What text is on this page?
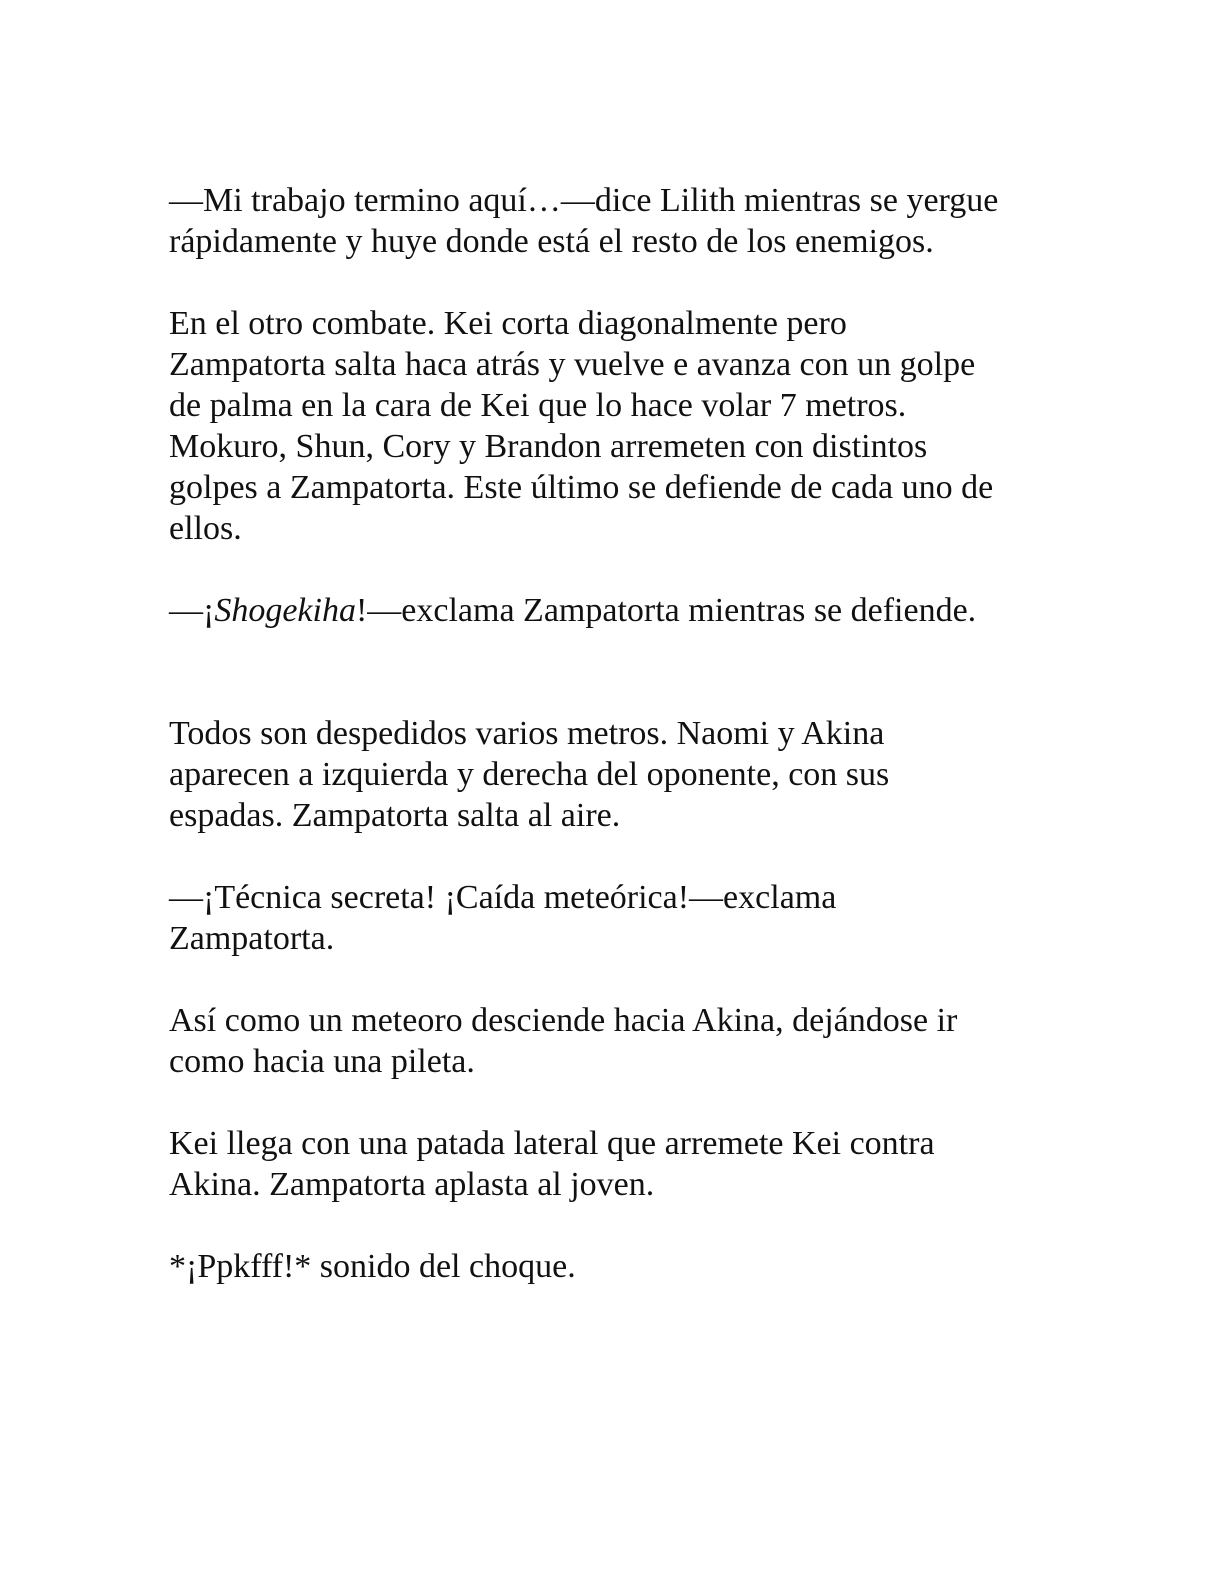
—Mi trabajo termino aquí…—dice Lilith mientras se yergue
rápidamente y huye donde está el resto de los enemigos.

En el otro combate. Kei corta diagonalmente pero
Zampatorta salta haca atrás y vuelve e avanza con un golpe
de palma en la cara de Kei que lo hace volar 7 metros.
Mokuro, Shun, Cory y Brandon arremeten con distintos
golpes a Zampatorta. Este último se defiende de cada uno de
ellos.

—¡Shogekiha!—exclama Zampatorta mientras se defiende.

Todos son despedidos varios metros. Naomi y Akina
aparecen a izquierda y derecha del oponente, con sus
espadas. Zampatorta salta al aire.

—¡Técnica secreta! ¡Caída meteórica!—exclama
Zampatorta.

Así como un meteoro desciende hacia Akina, dejándose ir
como hacia una pileta.

Kei llega con una patada lateral que arremete Kei contra
Akina. Zampatorta aplasta al joven.

*¡Ppkfff!* sonido del choque.
